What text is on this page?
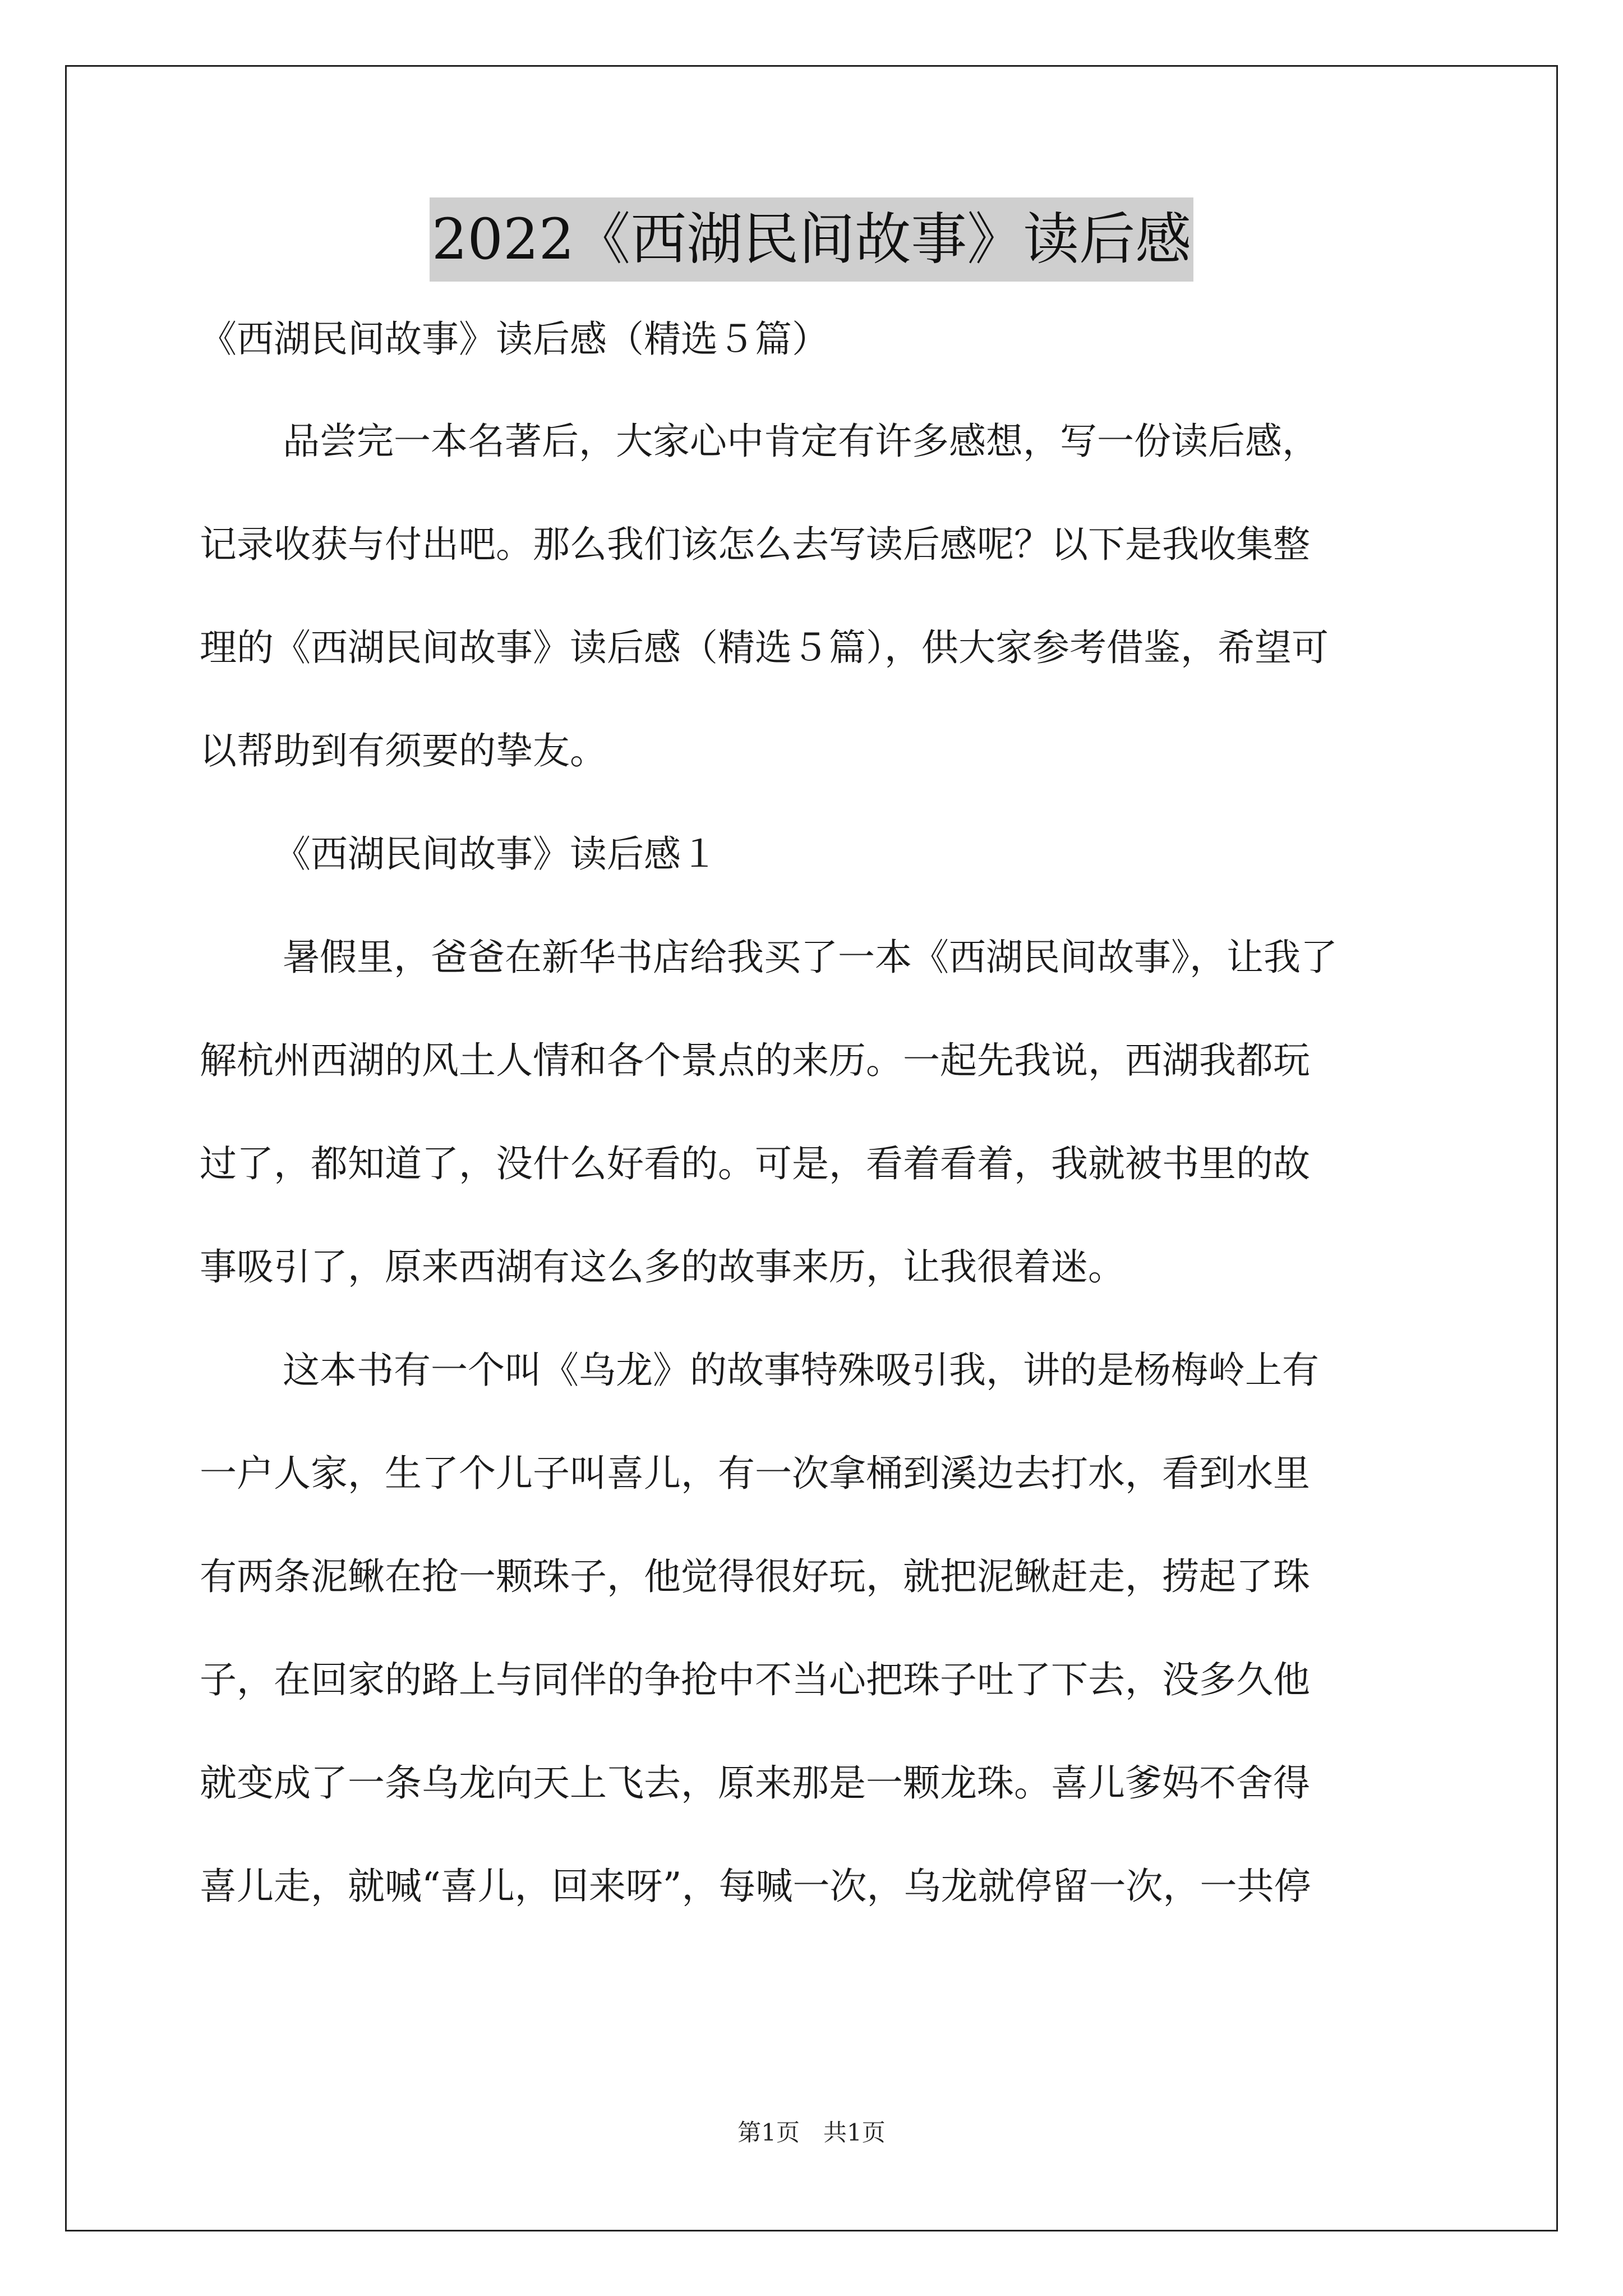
2022《西湖民间故事》读后感
《西湖民间故事》读后感（精选５篇）
品尝完一本名著后，大家心中肯定有许多感想，写一份读后感，
记录收获与付出吧。那么我们该怎么去写读后感呢？以下是我收集整
理的《西湖民间故事》读后感（精选５篇），供大家参考借鉴，希望可
以帮助到有须要的挚友。
《西湖民间故事》读后感１
暑假里，爸爸在新华书店给我买了一本《西湖民间故事》，让我了
解杭州西湖的风土人情和各个景点的来历。一起先我说，西湖我都玩
过了，都知道了，没什么好看的。可是，看着看着，我就被书里的故
事吸引了，原来西湖有这么多的故事来历，让我很着迷。
这本书有一个叫《乌龙》的故事特殊吸引我，讲的是杨梅岭上有
一户人家，生了个儿子叫喜儿，有一次拿桶到溪边去打水，看到水里
有两条泥鳅在抢一颗珠子，他觉得很好玩，就把泥鳅赶走，捞起了珠
子，在回家的路上与同伴的争抢中不当心把珠子吐了下去，没多久他
就变成了一条乌龙向天上飞去，原来那是一颗龙珠。喜儿爹妈不舍得
喜儿走，就喊“喜儿，回来呀”，每喊一次，乌龙就停留一次，一共停
第1页　共1页
